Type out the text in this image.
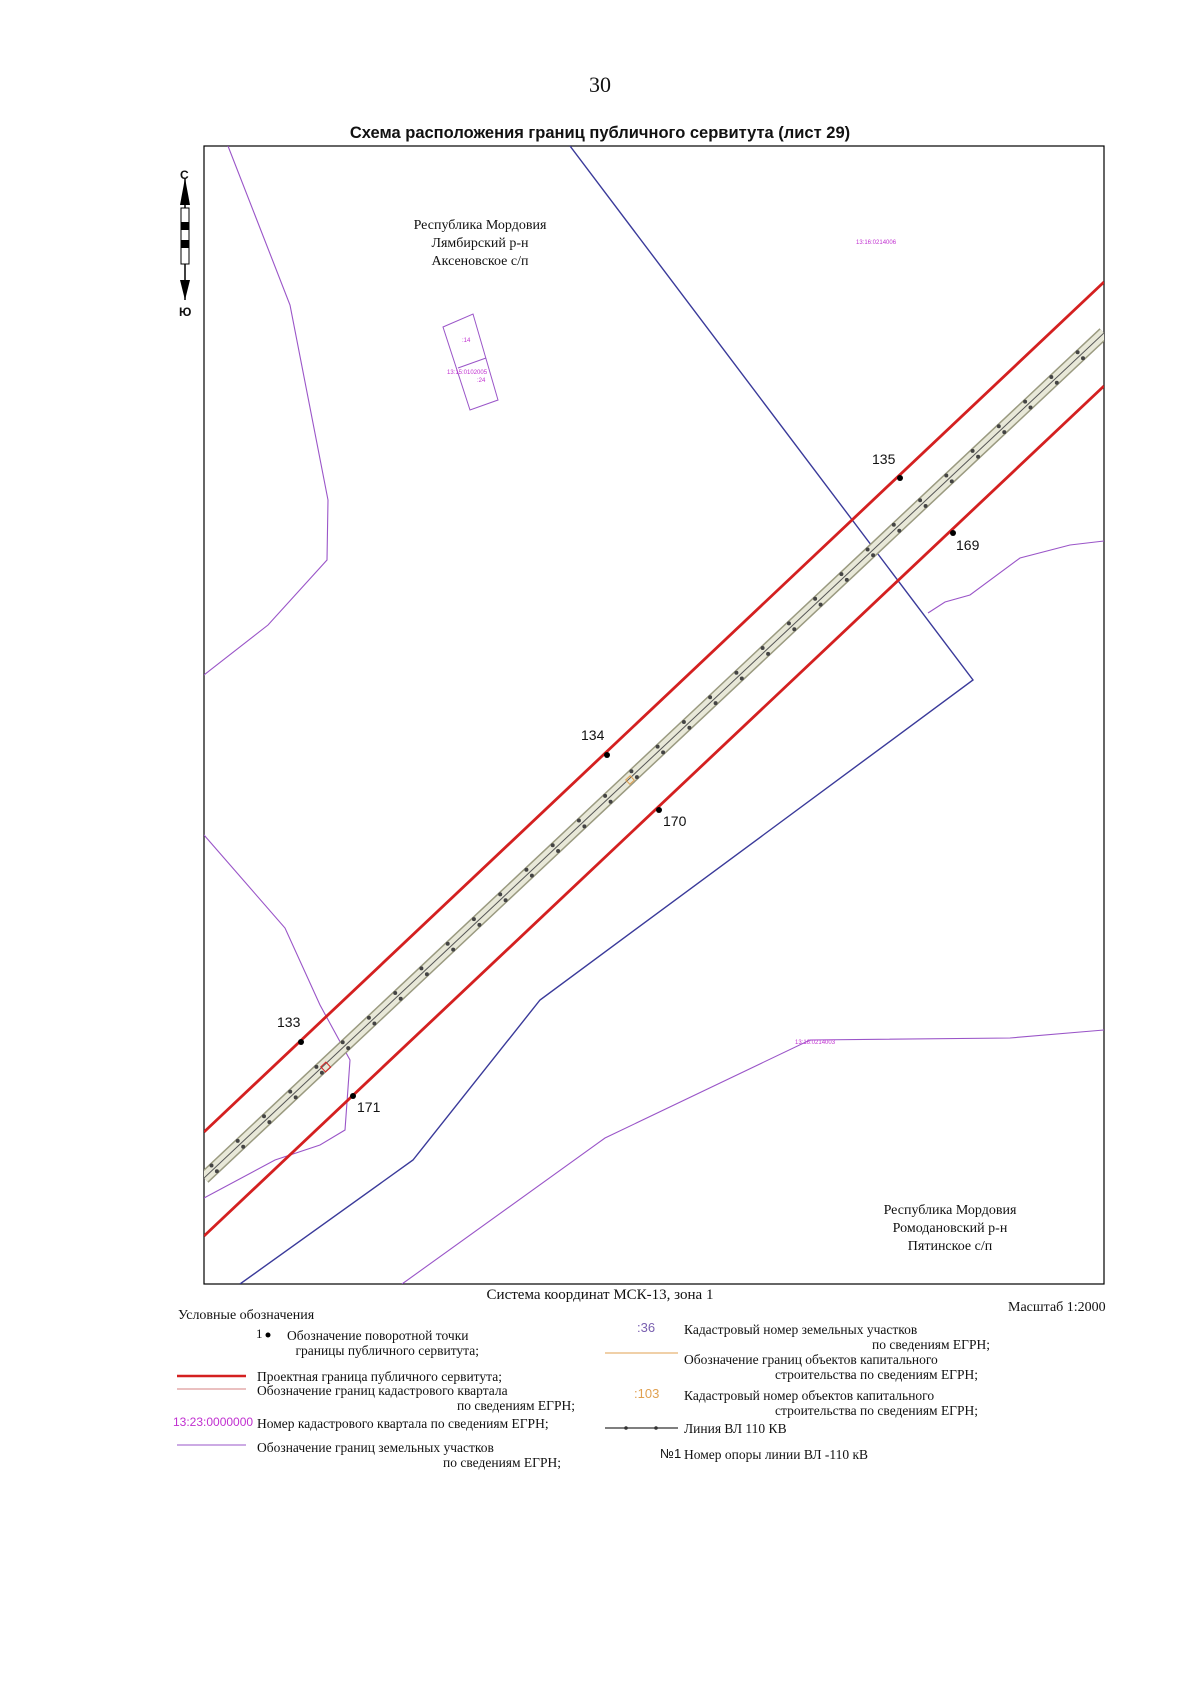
30
Схема расположения границ публичного сервитута (лист 29)
С
Ю
Республика Мордовия
Лямбирский р-н
Аксеновское с/п
Республика Мордовия
Ромодановский р-н
Пятинское с/п
135
169
134
170
133
171
13:16:0214006
13:16:0214003
:14
13:15:0102005
:24
Система координат МСК-13, зона 1
Масштаб 1:2000
Условные обозначения
1 Обозначение поворотной точки
границы публичного сервитута;
Проектная граница публичного сервитута;
Обозначение границ кадастрового квартала
по сведениям ЕГРН;
13:23:0000000 Номер кадастрового квартала по сведениям ЕГРН;
Обозначение границ земельных участков
по сведениям ЕГРН;
:36 Кадастровый номер земельных участков
по сведениям ЕГРН;
Обозначение границ объектов капитального
строительства по сведениям ЕГРН;
:103 Кадастровый номер объектов капитального
строительства по сведениям ЕГРН;
Линия ВЛ 110 КВ
№1 Номер опоры линии ВЛ -110 кВ
